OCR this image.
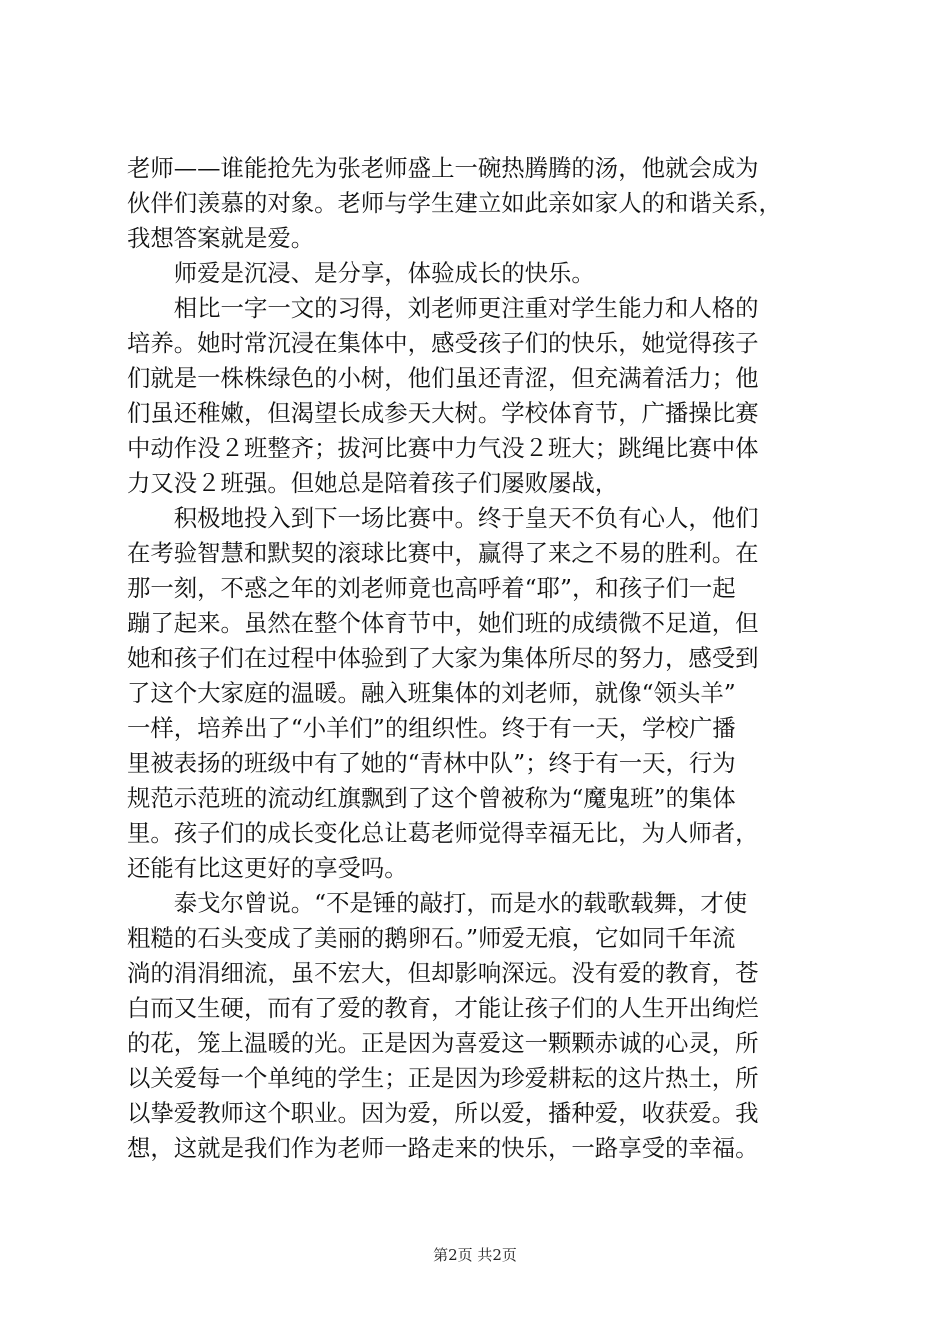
老师——谁能抢先为张老师盛上一碗热腾腾的汤，他就会成为
伙伴们羡慕的对象。老师与学生建立如此亲如家人的和谐关系，
我想答案就是爱。
　　师爱是沉浸、是分享，体验成长的快乐。
　　相比一字一文的习得，刘老师更注重对学生能力和人格的
培养。她时常沉浸在集体中，感受孩子们的快乐，她觉得孩子
们就是一株株绿色的小树，他们虽还青涩，但充满着活力；他
们虽还稚嫩，但渴望长成参天大树。学校体育节，广播操比赛
中动作没２班整齐；拔河比赛中力气没２班大；跳绳比赛中体
力又没２班强。但她总是陪着孩子们屡败屡战，
　　积极地投入到下一场比赛中。终于皇天不负有心人，他们
在考验智慧和默契的滚球比赛中，赢得了来之不易的胜利。在
那一刻，不惑之年的刘老师竟也高呼着“耶”，和孩子们一起
蹦了起来。虽然在整个体育节中，她们班的成绩微不足道，但
她和孩子们在过程中体验到了大家为集体所尽的努力，感受到
了这个大家庭的温暖。融入班集体的刘老师，就像“领头羊”
一样，培养出了“小羊们”的组织性。终于有一天，学校广播
里被表扬的班级中有了她的“青林中队”；终于有一天，行为
规范示范班的流动红旗飘到了这个曾被称为“魔鬼班”的集体
里。孩子们的成长变化总让葛老师觉得幸福无比，为人师者，
还能有比这更好的享受吗。
　　泰戈尔曾说。“不是锤的敲打，而是水的载歌载舞，才使
粗糙的石头变成了美丽的鹅卵石。”师爱无痕，它如同千年流
淌的涓涓细流，虽不宏大，但却影响深远。没有爱的教育，苍
白而又生硬，而有了爱的教育，才能让孩子们的人生开出绚烂
的花，笼上温暖的光。正是因为喜爱这一颗颗赤诚的心灵，所
以关爱每一个单纯的学生；正是因为珍爱耕耘的这片热土，所
以挚爱教师这个职业。因为爱，所以爱，播种爱，收获爱。我
想，这就是我们作为老师一路走来的快乐，一路享受的幸福。
第2页 共2页
